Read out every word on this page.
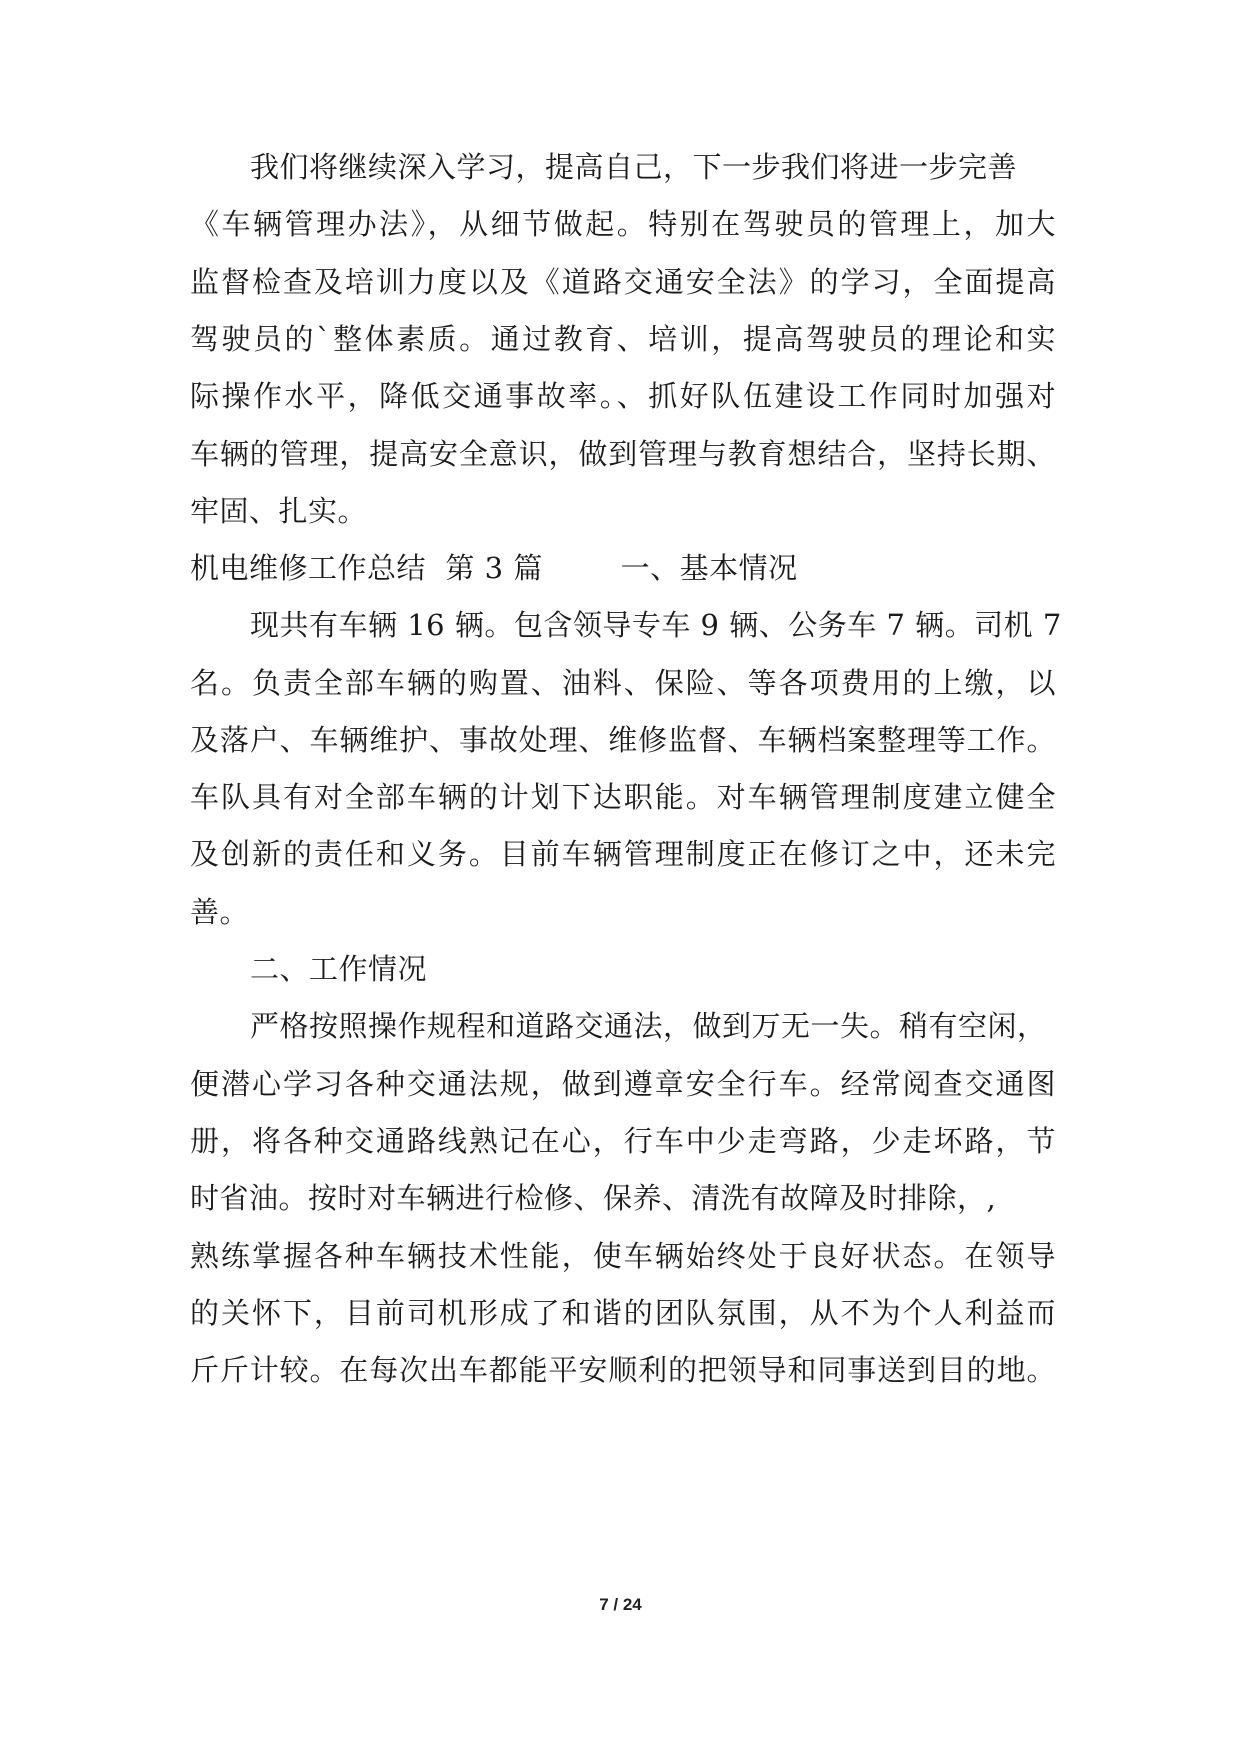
我们将继续深入学习，提高自己，下一步我们将进一步完善
《车辆管理办法》，从细节做起。特别在驾驶员的管理上，加大
监督检查及培训力度以及《道路交通安全法》的学习，全面提高
驾驶员的`整体素质。通过教育、培训，提高驾驶员的理论和实
际操作水平，降低交通事故率。、抓好队伍建设工作同时加强对
车辆的管理，提高安全意识，做到管理与教育想结合，坚持长期、
牢固、扎实。
机电维修工作总结  第 3 篇        一、基本情况
现共有车辆 16 辆。包含领导专车 9 辆、公务车 7 辆。司机 7
名。负责全部车辆的购置、油料、保险、等各项费用的上缴，以
及落户、车辆维护、事故处理、维修监督、车辆档案整理等工作。
车队具有对全部车辆的计划下达职能。对车辆管理制度建立健全
及创新的责任和义务。目前车辆管理制度正在修订之中，还未完
善。
二、工作情况
严格按照操作规程和道路交通法，做到万无一失。稍有空闲，
便潜心学习各种交通法规，做到遵章安全行车。经常阅查交通图
册，将各种交通路线熟记在心，行车中少走弯路，少走坏路，节
时省油。按时对车辆进行检修、保养、清洗有故障及时排除，,
熟练掌握各种车辆技术性能，使车辆始终处于良好状态。在领导
的关怀下，目前司机形成了和谐的团队氛围，从不为个人利益而
斤斤计较。在每次出车都能平安顺利的把领导和同事送到目的地。
7 / 24
